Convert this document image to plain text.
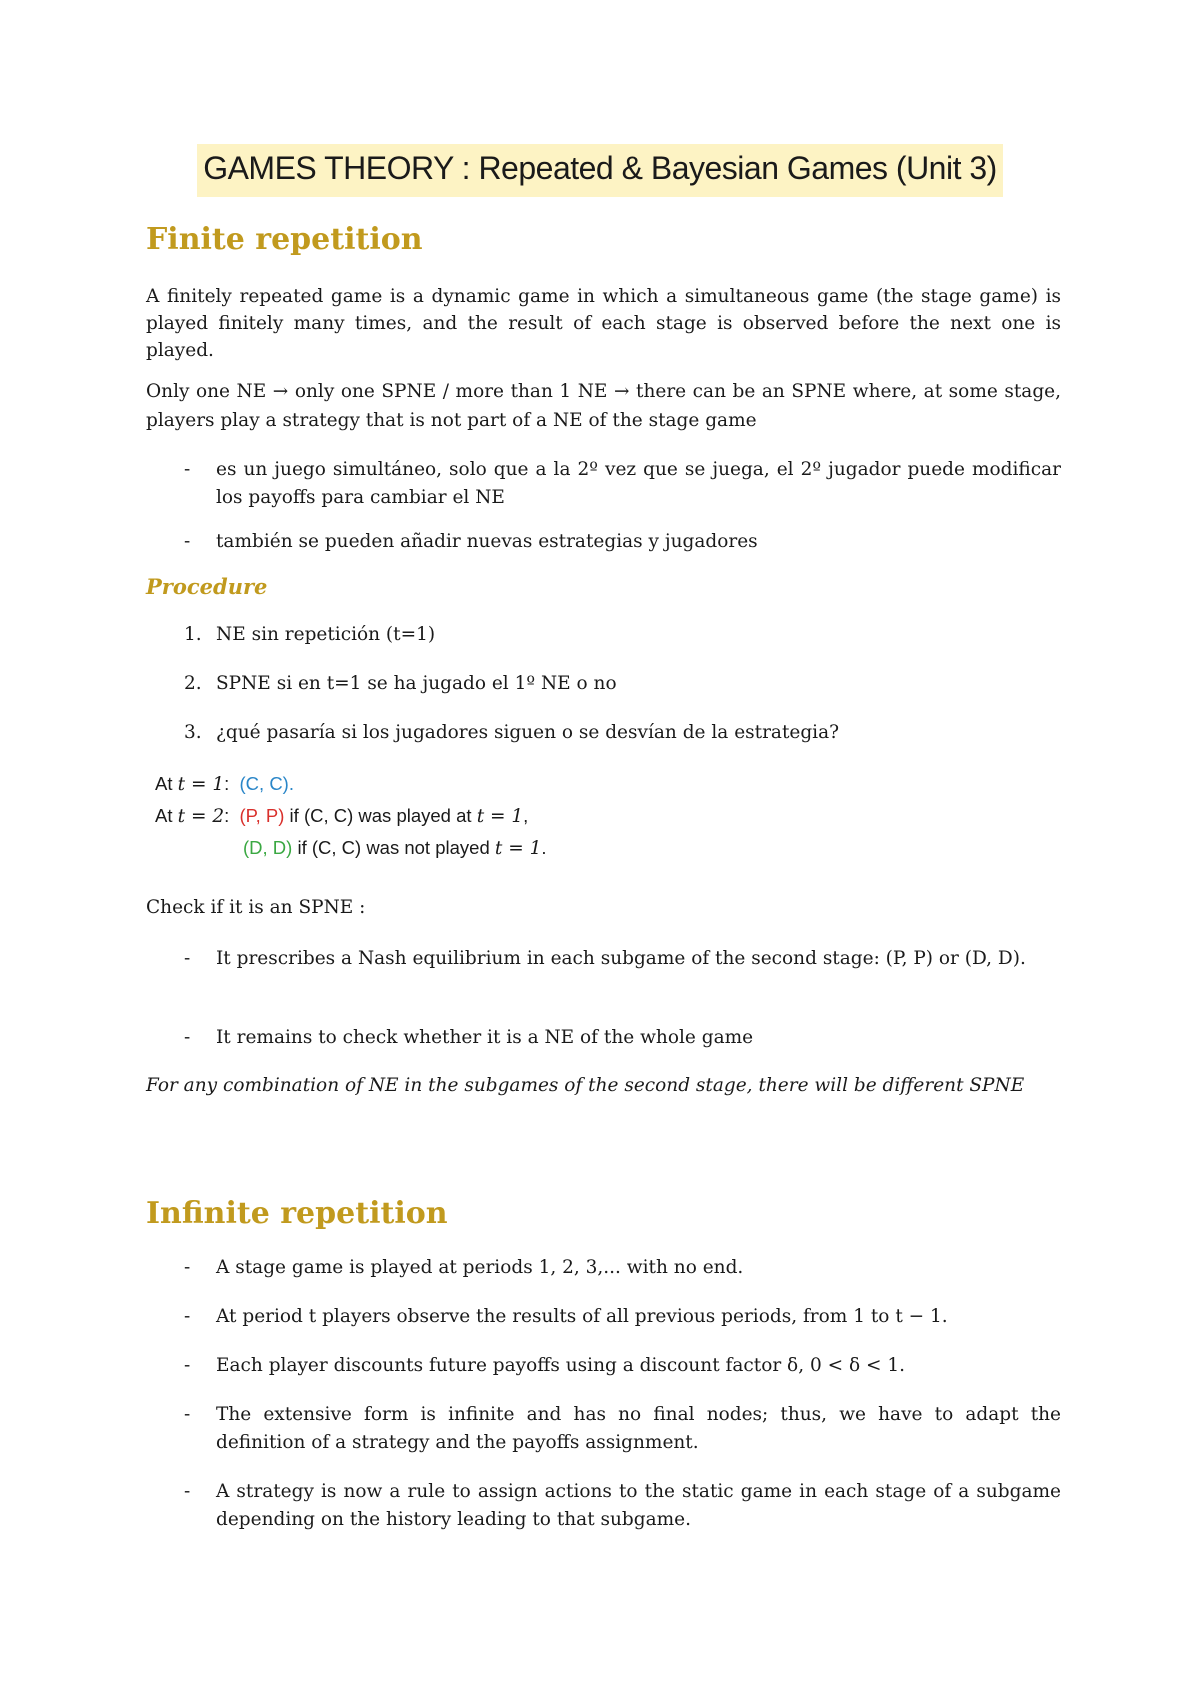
GAMES THEORY : Repeated & Bayesian Games (Unit 3)
Finite repetition

A finitely repeated game is a dynamic game in which a simultaneous game (the stage game) is played finitely many times, and the result of each stage is observed before the next one is played.

Only one NE → only one SPNE / more than 1 NE → there can be an SPNE where, at some stage, players play a strategy that is not part of a NE of the stage game

-	es un juego simultáneo, solo que a la 2º vez que se juega, el 2º jugador puede modificar los payoffs para cambiar el NE
-	también se pueden añadir nuevas estrategias y jugadores
Procedure
1. NE sin repetición (t=1)
2. SPNE si en t=1 se ha jugado el 1º NE o no
3. ¿qué pasaría si los jugadores siguen o se desvían de la estrategia?
At t = 1:  (C, C).
At t = 2:  (P, P) if (C, C) was played at t = 1,
(D, D) if (C, C) was not played t = 1.

Check if it is an SPNE :

-	It prescribes a Nash equilibrium in each subgame of the second stage: (P, P) or (D, D).
-	It remains to check whether it is a NE of the whole game

For any combination of NE in the subgames of the second stage, there will be different SPNE

Infinite repetition
-	A stage game is played at periods 1, 2, 3,... with no end.
-	At period t players observe the results of all previous periods, from 1 to t − 1.
-	Each player discounts future payoffs using a discount factor δ, 0 < δ < 1.
-	The extensive form is infinite and has no final nodes; thus, we have to adapt the definition of a strategy and the payoffs assignment.
-	A strategy is now a rule to assign actions to the static game in each stage of a subgame depending on the history leading to that subgame.
